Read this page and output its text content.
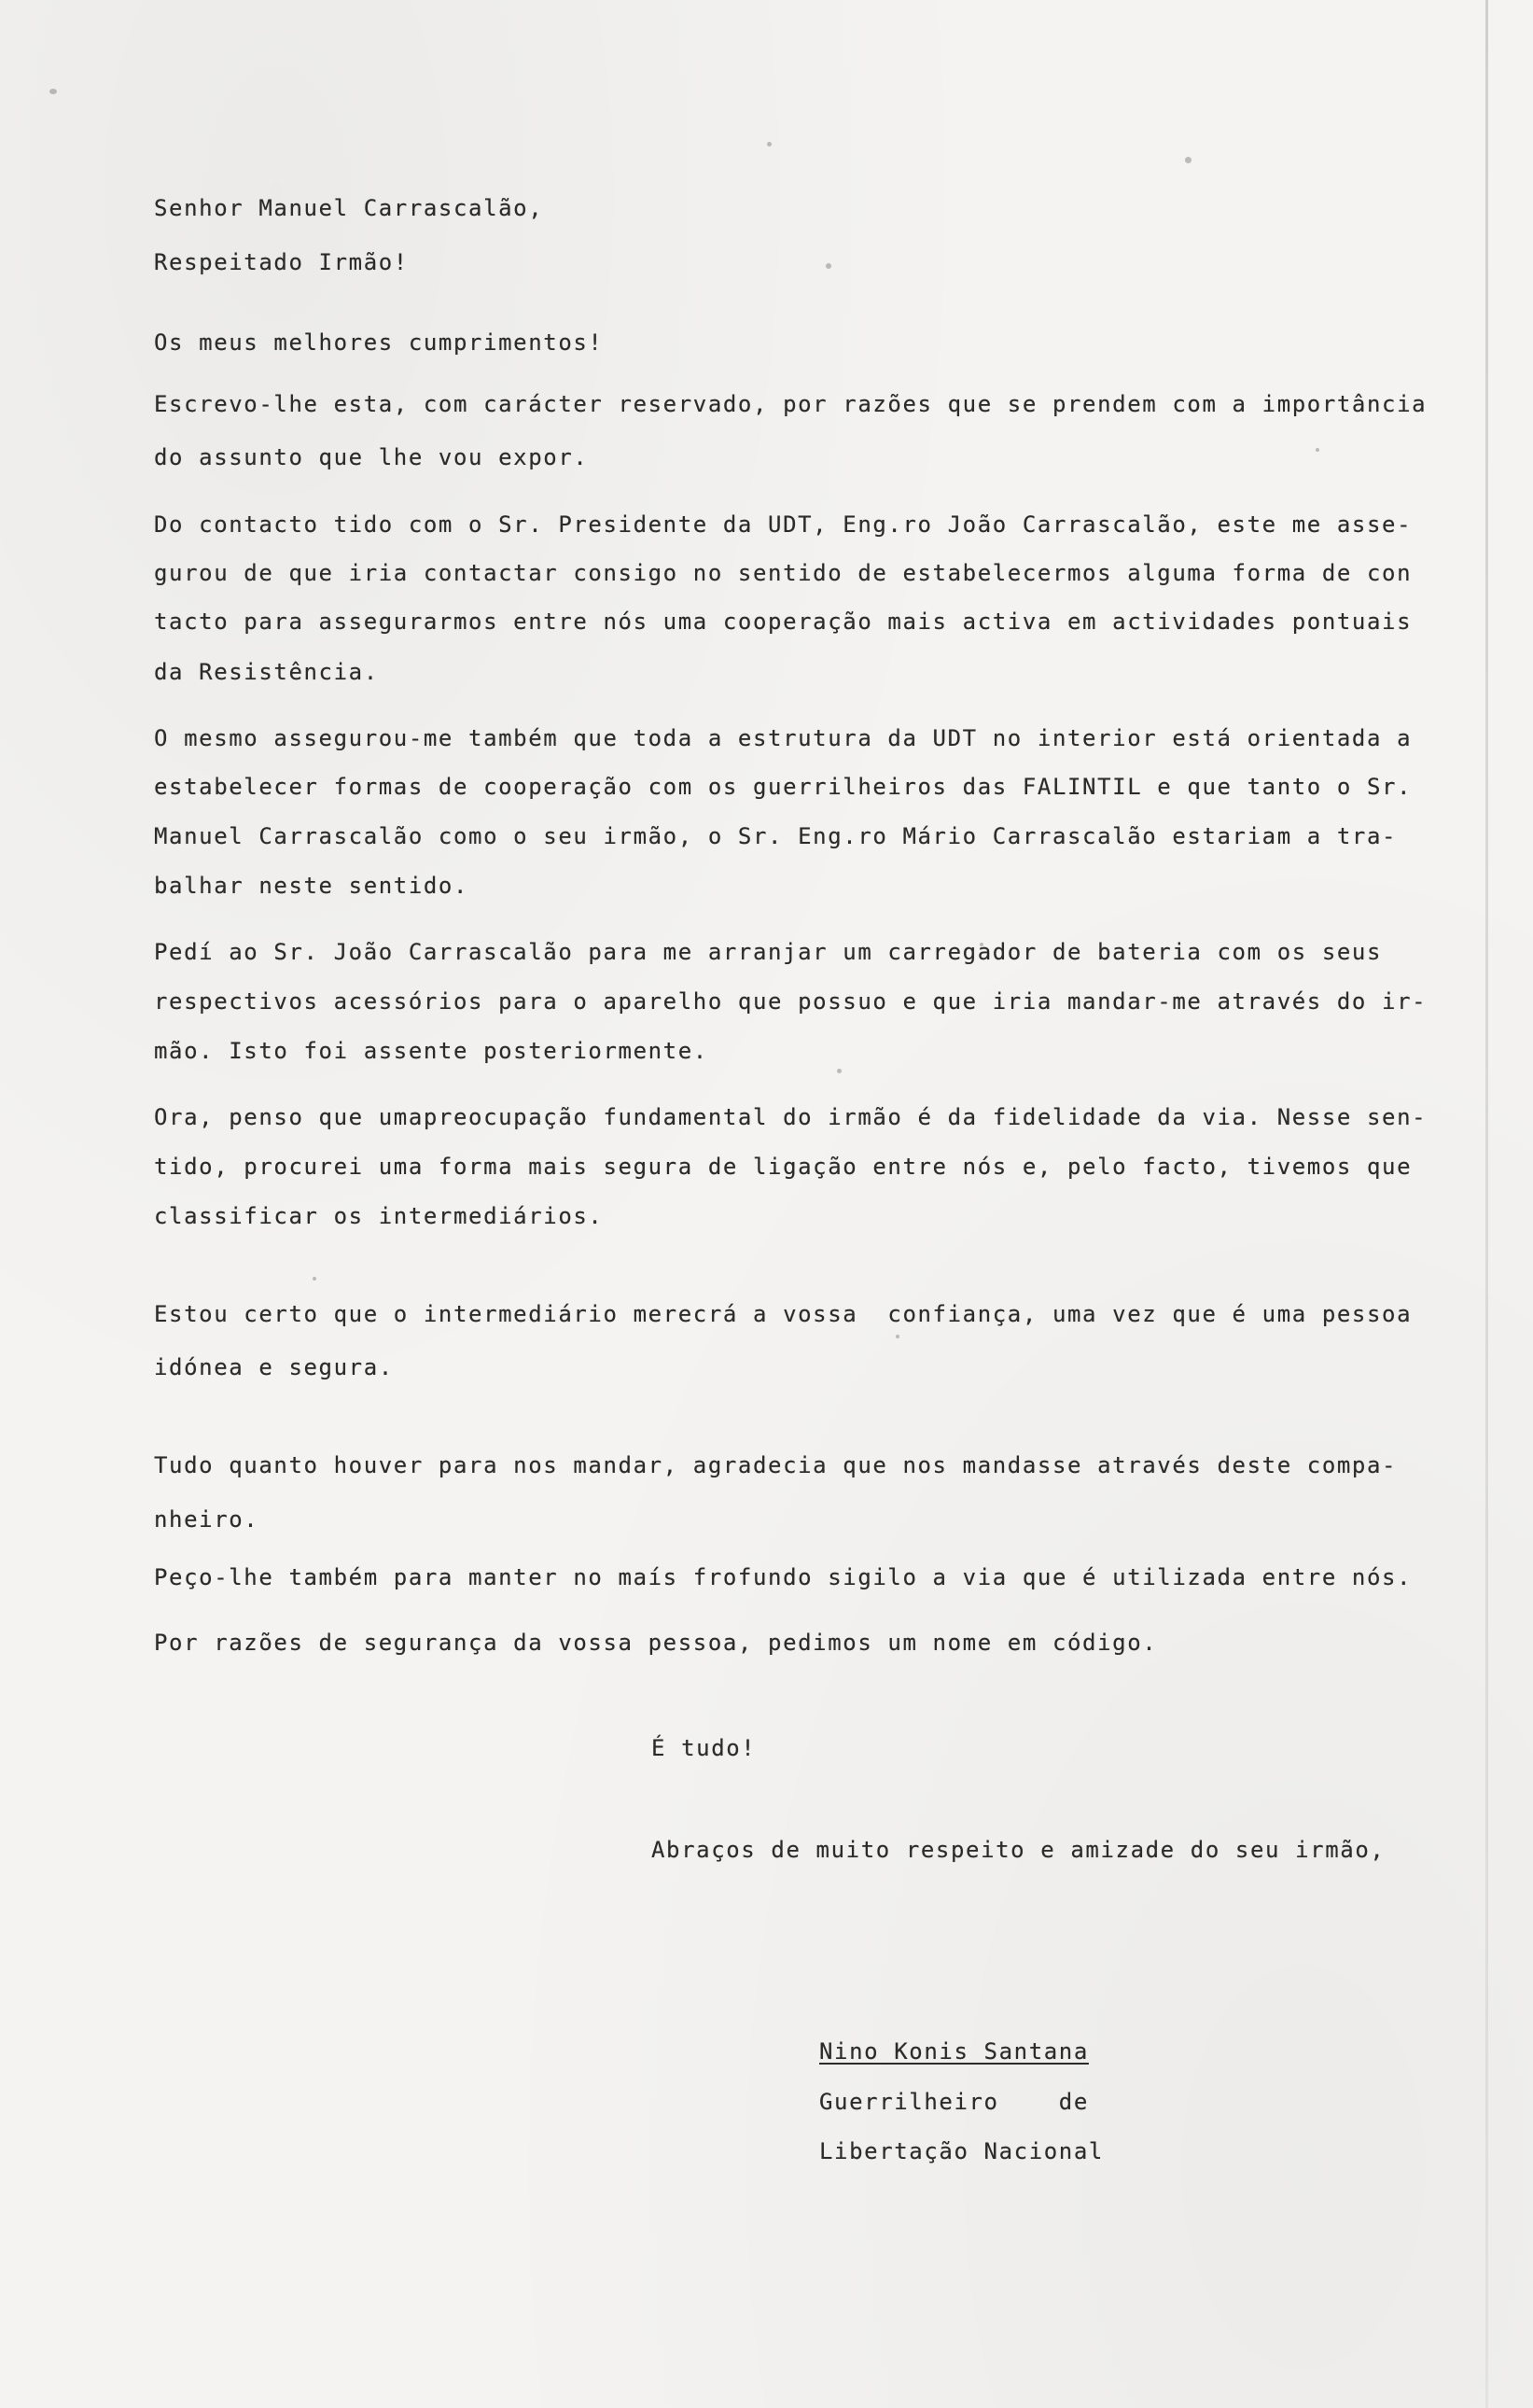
Senhor Manuel Carrascalão,
Respeitado Irmão!
Os meus melhores cumprimentos!
Escrevo-lhe esta, com carácter reservado, por razões que se prendem com a importância
do assunto que lhe vou expor.
Do contacto tido com o Sr. Presidente da UDT, Eng.ro João Carrascalão, este me asse-
gurou de que iria contactar consigo no sentido de estabelecermos alguma forma de con
tacto para assegurarmos entre nós uma cooperação mais activa em actividades pontuais
da Resistência.
O mesmo assegurou-me também que toda a estrutura da UDT no interior está orientada a
estabelecer formas de cooperação com os guerrilheiros das FALINTIL e que tanto o Sr.
Manuel Carrascalão como o seu irmão, o Sr. Eng.ro Mário Carrascalão estariam a tra-
balhar neste sentido.
Pedí ao Sr. João Carrascalão para me arranjar um carregador de bateria com os seus
respectivos acessórios para o aparelho que possuo e que iria mandar-me através do ir-
mão. Isto foi assente posteriormente.
Ora, penso que umapreocupação fundamental do irmão é da fidelidade da via. Nesse sen-
tido, procurei uma forma mais segura de ligação entre nós e, pelo facto, tivemos que
classificar os intermediários.
Estou certo que o intermediário merecrá a vossa  confiança, uma vez que é uma pessoa
idónea e segura.
Tudo quanto houver para nos mandar, agradecia que nos mandasse através deste compa-
nheiro.
Peço-lhe também para manter no maís frofundo sigilo a via que é utilizada entre nós.
Por razões de segurança da vossa pessoa, pedimos um nome em código.
É tudo!
Abraços de muito respeito e amizade do seu irmão,
Nino Konis Santana
Guerrilheiro    de
Libertação Nacional
